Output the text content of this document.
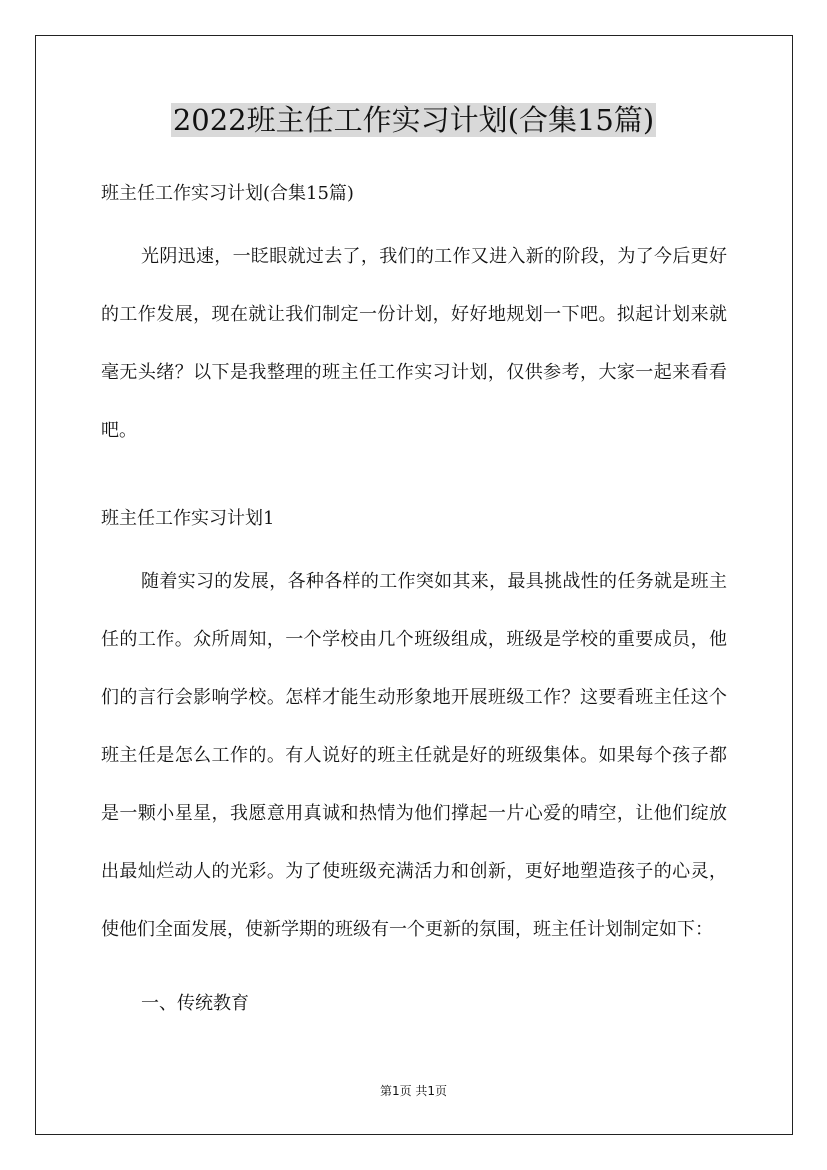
2022班主任工作实习计划(合集15篇)
班主任工作实习计划(合集15篇)
光阴迅速，一眨眼就过去了，我们的工作又进入新的阶段，为了今后更好的工作发展，现在就让我们制定一份计划，好好地规划一下吧。拟起计划来就毫无头绪？以下是我整理的班主任工作实习计划，仅供参考，大家一起来看看吧。
班主任工作实习计划1
随着实习的发展，各种各样的工作突如其来，最具挑战性的任务就是班主任的工作。众所周知，一个学校由几个班级组成，班级是学校的重要成员，他们的言行会影响学校。怎样才能生动形象地开展班级工作？这要看班主任这个班主任是怎么工作的。有人说好的班主任就是好的班级集体。如果每个孩子都是一颗小星星，我愿意用真诚和热情为他们撑起一片心爱的晴空，让他们绽放出最灿烂动人的光彩。为了使班级充满活力和创新，更好地塑造孩子的心灵，使他们全面发展，使新学期的班级有一个更新的氛围，班主任计划制定如下：
一、传统教育
第1页 共1页
